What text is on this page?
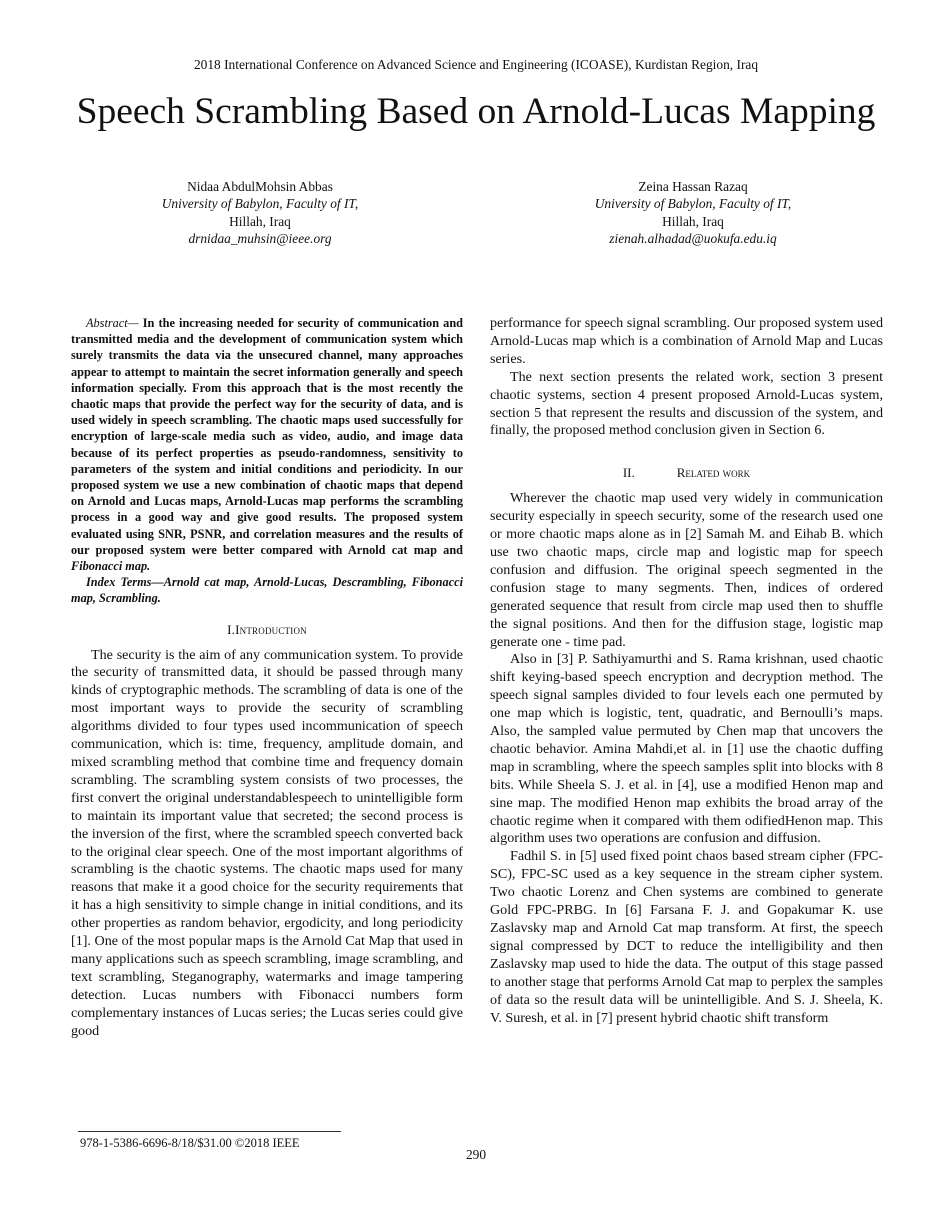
2018 International Conference on Advanced Science and Engineering (ICOASE), Kurdistan Region, Iraq
Speech Scrambling Based on Arnold-Lucas Mapping
Nidaa AbdulMohsin Abbas
University of Babylon, Faculty of IT,
Hillah, Iraq
drnidaa_muhsin@ieee.org
Zeina Hassan Razaq
University of Babylon, Faculty of IT,
Hillah, Iraq
zienah.alhadad@uokufa.edu.iq

Abstract— In the increasing needed for security of communication and transmitted media and the development of communication system which surely transmits the data via the unsecured channel, many approaches appear to attempt to maintain the secret information generally and speech information specially. From this approach that is the most recently the chaotic maps that provide the perfect way for the security of data, and is used widely in speech scrambling. The chaotic maps used successfully for encryption of large-scale media such as video, audio, and image data because of its perfect properties as pseudo-randomness, sensitivity to parameters of the system and initial conditions and periodicity. In our proposed system we use a new combination of chaotic maps that depend on Arnold and Lucas maps, Arnold-Lucas map performs the scrambling process in a good way and give good results. The proposed system evaluated using SNR, PSNR, and correlation measures and the results of our proposed system were better compared with Arnold cat map and Fibonacci map.

Index Terms—Arnold cat map, Arnold-Lucas, Descrambling, Fibonacci map, Scrambling.

I.Introduction

The security is the aim of any communication system. To provide the security of transmitted data, it should be passed through many kinds of cryptographic methods. The scrambling of data is one of the most important ways to provide the security of scrambling algorithms divided to four types used incommunication of speech communication, which is: time, frequency, amplitude domain, and mixed scrambling method that combine time and frequency domain scrambling. The scrambling system consists of two processes, the first convert the original understandablespeech to unintelligible form to maintain its important value that secreted; the second process is the inversion of the first, where the scrambled speech converted back to the original clear speech. One of the most important algorithms of scrambling is the chaotic systems. The chaotic maps used for many reasons that make it a good choice for the security requirements that it has a high sensitivity to simple change in initial conditions, and its other properties as random behavior, ergodicity, and long periodicity [1]. One of the most popular maps is the Arnold Cat Map that used in many applications such as speech scrambling, image scrambling, and text scrambling, Steganography, watermarks and image tampering detection. Lucas numbers with Fibonacci numbers form complementary instances of Lucas series; the Lucas series could give good

performance for speech signal scrambling. Our proposed system used Arnold-Lucas map which is a combination of Arnold Map and Lucas series.

The next section presents the related work, section 3 present chaotic systems, section 4 present proposed Arnold-Lucas system, section 5 that represent the results and discussion of the system, and finally, the proposed method conclusion given in Section 6.

II.	Related work

Wherever the chaotic map used very widely in communication security especially in speech security, some of the research used one or more chaotic maps alone as in [2] Samah M. and Eihab B. which use two chaotic maps, circle map and logistic map for speech confusion and diffusion. The original speech segmented in the confusion stage to many segments. Then, indices of ordered generated sequence that result from circle map used then to shuffle the signal positions. And then for the diffusion stage, logistic map generate one - time pad.

Also in [3] P. Sathiyamurthi and S. Rama krishnan, used chaotic shift keying-based speech encryption and decryption method. The speech signal samples divided to four levels each one permuted by one map which is logistic, tent, quadratic, and Bernoulli’s maps. Also, the sampled value permuted by Chen map that uncovers the chaotic behavior. Amina Mahdi,et al. in [1] use the chaotic duffing map in scrambling, where the speech samples split into blocks with 8 bits. While Sheela S. J. et al. in [4], use a modified Henon map and sine map. The modified Henon map exhibits the broad array of the chaotic regime when it compared with them odifiedHenon map. This algorithm uses two operations are confusion and diffusion.

Fadhil S. in [5] used fixed point chaos based stream cipher (FPC-SC), FPC-SC used as a key sequence in the stream cipher system. Two chaotic Lorenz and Chen systems are combined to generate Gold FPC-PRBG. In [6] Farsana F. J. and Gopakumar K. use Zaslavsky map and Arnold Cat map transform. At first, the speech signal compressed by DCT to reduce the intelligibility and then Zaslavsky map used to hide the data. The output of this stage passed to another stage that performs Arnold Cat map to perplex the samples of data so the result data will be unintelligible. And S. J. Sheela, K. V. Suresh, et al. in [7] present hybrid chaotic shift transform

978-1-5386-6696-8/18/$31.00 ©2018 IEEE
290
